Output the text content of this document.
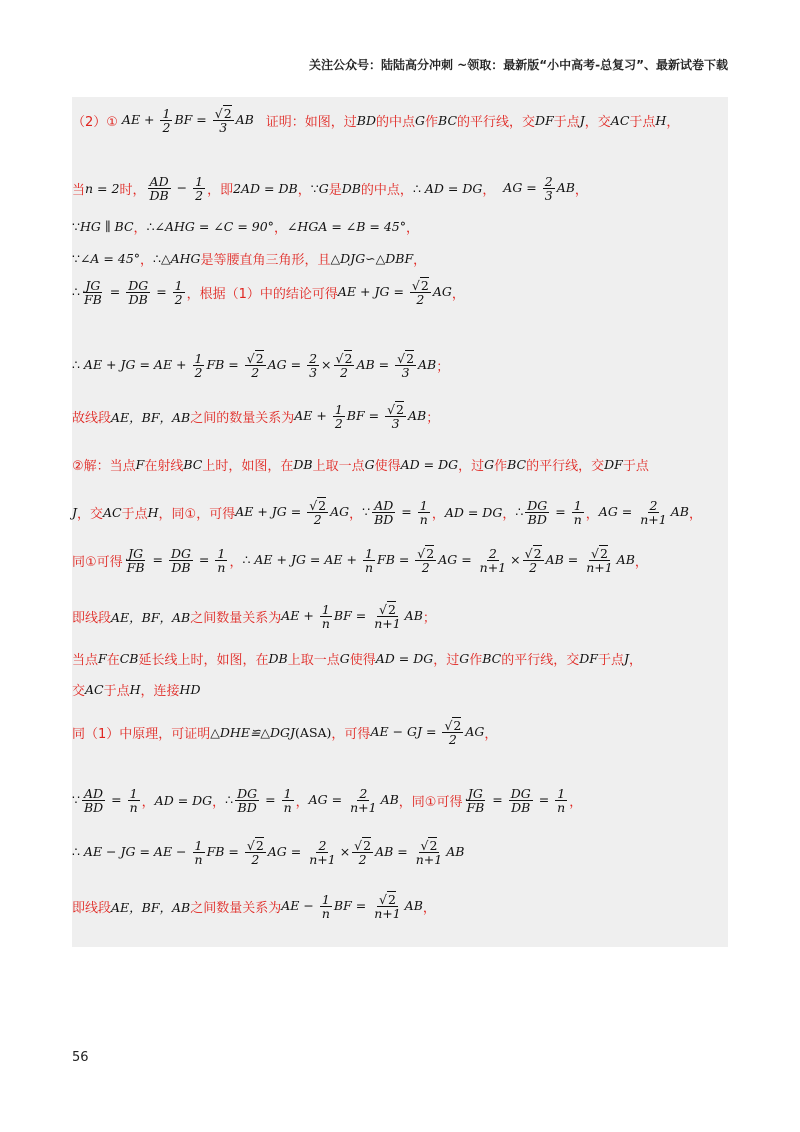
关注公众号：陆陆高分冲刺 ~领取：最新版“小中高考-总复习”、最新试卷下载
（2）① AE + $\frac{1}{2}$ BF = $\frac{√2}{3}$ AB 证明：如图，过 BD 的中点 G 作 BC 的平行线，交 DF 于点 J ，交 AC 于点 H ，
当 n = 2 时， $\frac{AD}{DB} - \frac{1}{2}$ ，即 2AD = DB ， ∵G 是 DB 的中点， ∴ AD = DG ， AG = $\frac{2}{3}$ AB ，
∵HG ∥ BC ， ∴∠AHG = ∠C = 90° ， ∠HGA = ∠B = 45° ，
∵∠A = 45° ， ∴△AHG 是等腰直角三角形，且 △DJG∽△DBF ，
∴ $\frac{JG}{FB} = \frac{DG}{DB} = \frac{1}{2}$ ，根据（1）中的结论可得 AE + JG = $\frac{√2}{2}$ AG ，
∴ AE + JG = AE + $\frac{1}{2}$ FB = $\frac{√2}{2}$ AG = $\frac{2}{3} \times \frac{√2}{2}$ AB = $\frac{√2}{3}$ AB ；
故线段 AE，BF，AB 之间的数量关系为 AE + $\frac{1}{2}$ BF = $\frac{√2}{3}$ AB ；
②解：当点 F 在射线 BC 上时，如图，在 DB 上取一点 G 使得 AD = DG ，过 G 作 BC 的平行线，交 DF 于点
J ，交 AC 于点 H ，同①，可得 AE + JG = $\frac{√2}{2}$ AG ， ∵ $\frac{AD}{BD} = \frac{1}{n}$ ， AD = DG ， ∴ $\frac{DG}{BD} = \frac{1}{n}$ ， AG = $\frac{2}{n+1}$ AB ，
同①可得 $\frac{JG}{FB} = \frac{DG}{DB} = \frac{1}{n}$ ， ∴ AE + JG = AE + $\frac{1}{n}$ FB = $\frac{√2}{2}$ AG = $\frac{2}{n+1} \times \frac{√2}{2}$ AB = $\frac{√2}{n+1}$ AB ，
即线段 AE，BF，AB 之间数量关系为 AE + $\frac{1}{n}$ BF = $\frac{√2}{n+1}$ AB ；
当点 F 在 CB 延长线上时，如图，在 DB 上取一点 G 使得 AD = DG ，过 G 作 BC 的平行线，交 DF 于点 J ，
交 AC 于点 H ，连接 HD
同（1）中原理，可证明 △DHE≌△DGJ(ASA) ，可得 AE − GJ = $\frac{√2}{2}$ AG ，
∵ $\frac{AD}{BD} = \frac{1}{n}$ ， AD = DG ， ∴ $\frac{DG}{BD} = \frac{1}{n}$ ， AG = $\frac{2}{n+1}$ AB ， 同①可得 $\frac{JG}{FB} = \frac{DG}{DB} = \frac{1}{n}$ ，
∴ AE − JG = AE − $\frac{1}{n}$ FB = $\frac{√2}{2}$ AG = $\frac{2}{n+1} \times \frac{√2}{2}$ AB = $\frac{√2}{n+1}$ AB
即线段 AE，BF，AB 之间数量关系为 AE − $\frac{1}{n}$ BF = $\frac{√2}{n+1}$ AB ，
56
